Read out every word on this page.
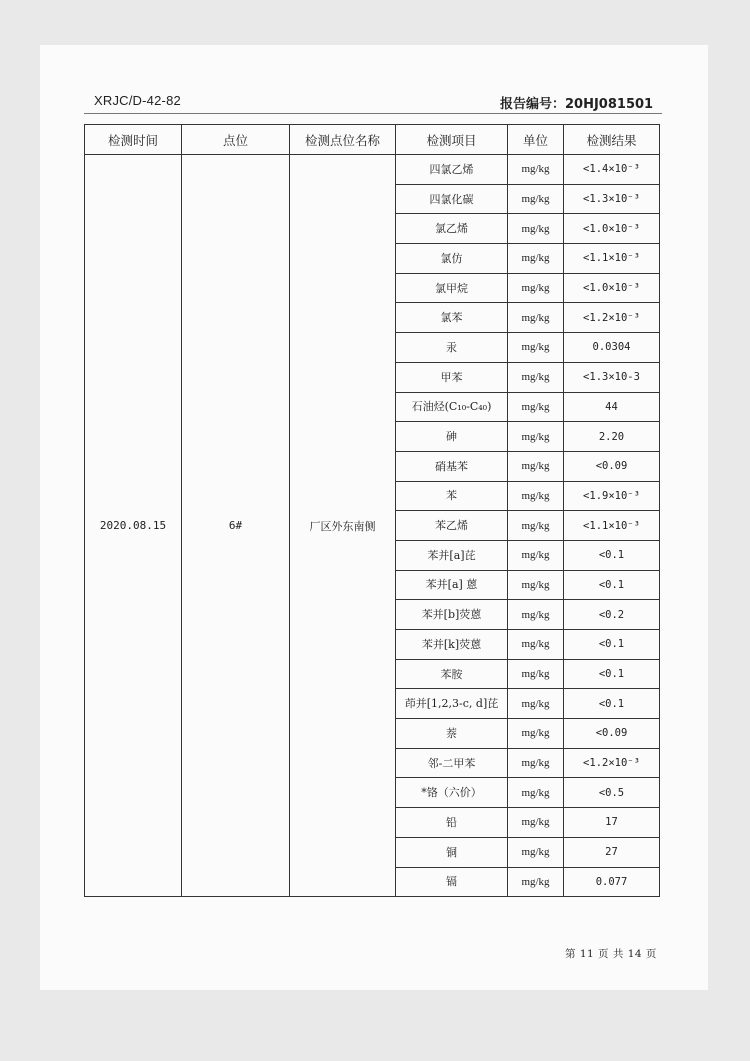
XRJC/D-42-82	报告编号：20HJ081501
检测时间	点位	检测点位名称	检测项目	单位	检测结果
2020.08.15	6#	厂区外东南侧	四氯乙烯	mg/kg	<1.4×10⁻³
			四氯化碳	mg/kg	<1.3×10⁻³
			氯乙烯	mg/kg	<1.0×10⁻³
			氯仿	mg/kg	<1.1×10⁻³
			氯甲烷	mg/kg	<1.0×10⁻³
			氯苯	mg/kg	<1.2×10⁻³
			汞	mg/kg	0.0304
			甲苯	mg/kg	<1.3×10-3
			石油烃(C₁₀-C₄₀)	mg/kg	44
			砷	mg/kg	2.20
			硝基苯	mg/kg	<0.09
			苯	mg/kg	<1.9×10⁻³
			苯乙烯	mg/kg	<1.1×10⁻³
			苯并[a]芘	mg/kg	<0.1
			苯并[a] 蒽	mg/kg	<0.1
			苯并[b]荧蒽	mg/kg	<0.2
			苯并[k]荧蒽	mg/kg	<0.1
			苯胺	mg/kg	<0.1
			茚并[1,2,3-c, d]芘	mg/kg	<0.1
			萘	mg/kg	<0.09
			邻-二甲苯	mg/kg	<1.2×10⁻³
			*铬（六价）	mg/kg	<0.5
			铅	mg/kg	17
			铜	mg/kg	27
			镉	mg/kg	0.077
第 11 页 共 14 页
